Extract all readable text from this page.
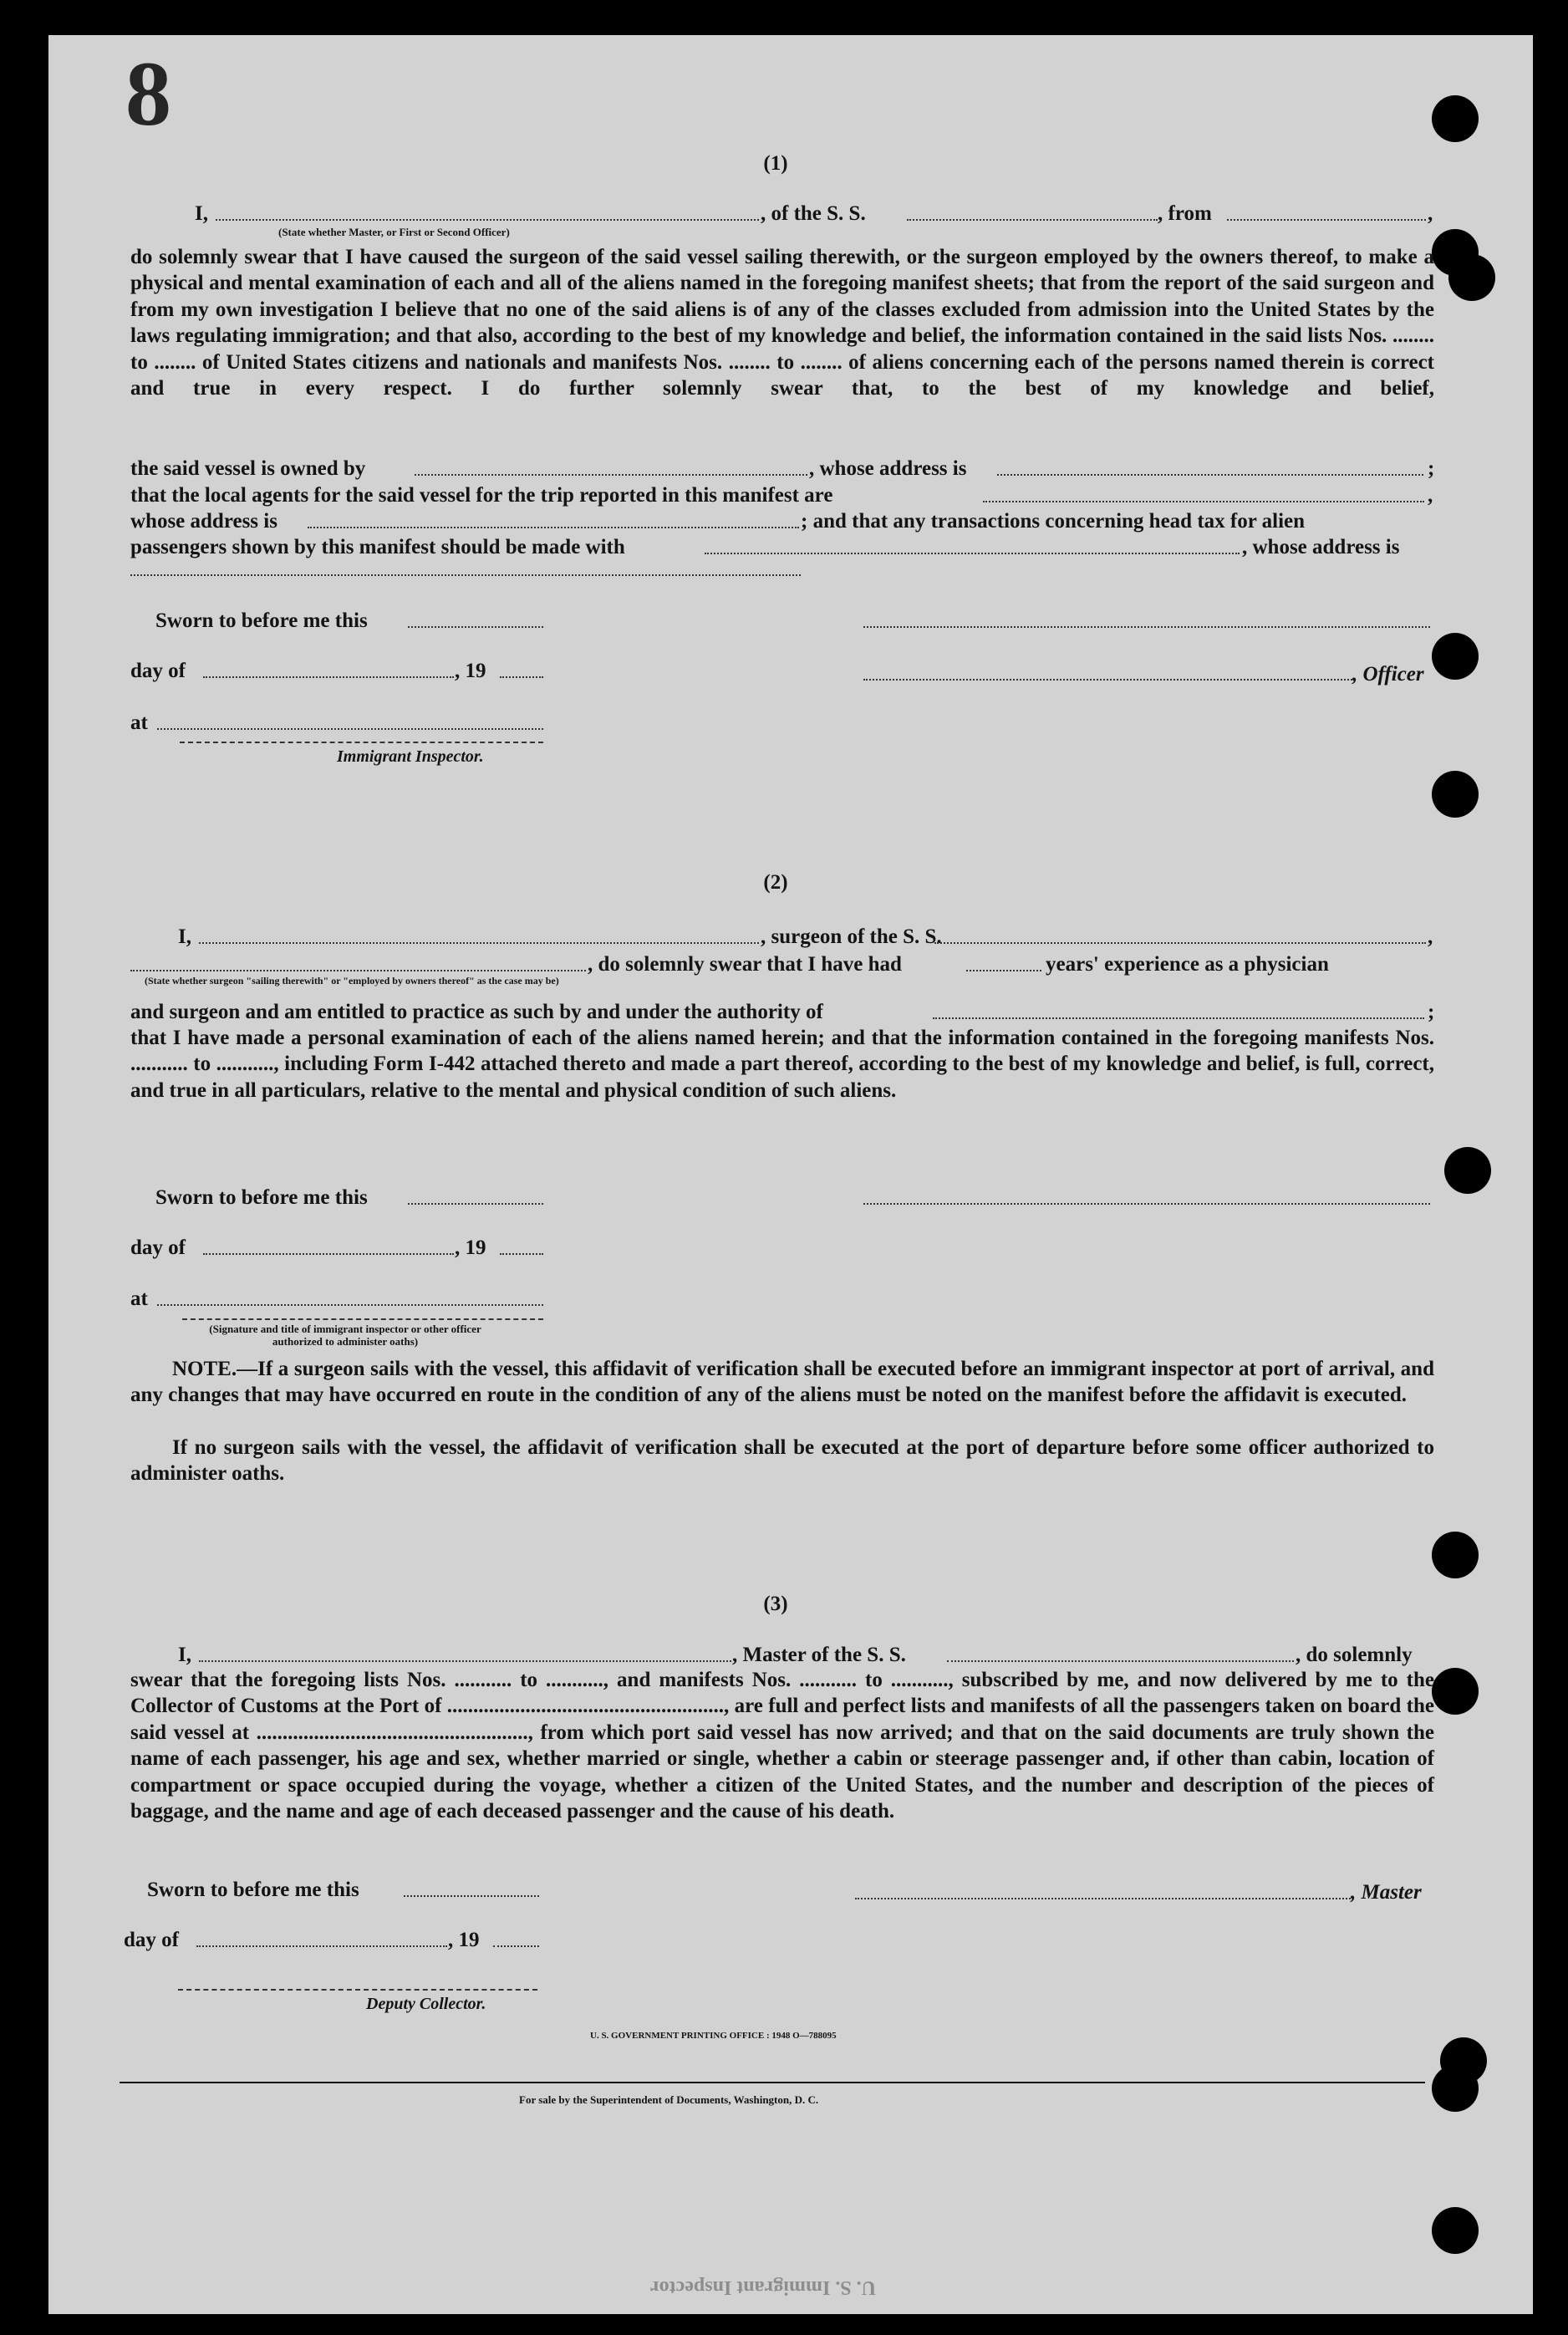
8
(1)
I,	, of the S. S.	, from	,
(State whether Master, or First or Second Officer)
do solemnly swear that I have caused the surgeon of the said vessel sailing therewith, or the surgeon employed by the owners thereof, to make a physical and mental examination of each and all of the aliens named in the foregoing manifest sheets; that from the report of the said surgeon and from my own investigation I believe that no one of the said aliens is of any of the classes excluded from admission into the United States by the laws regulating immigration; and that also, according to the best of my knowledge and belief, the information contained in the said lists Nos. ........ to ........ of United States citizens and nationals and manifests Nos. ........ to ........ of aliens concerning each of the persons named therein is correct and true in every respect. I do further solemnly swear that, to the best of my knowledge and belief,
the said vessel is owned by	, whose address is	;
that the local agents for the said vessel for the trip reported in this manifest are	,
whose address is	; and that any transactions concerning head tax for alien
passengers shown by this manifest should be made with	, whose address is
Sworn to before me this
day of	, 19	, Officer
at
Immigrant Inspector.
(2)
I,	, surgeon of the S. S.	,
, do solemnly swear that I have had	years' experience as a physician
(State whether surgeon "sailing therewith" or "employed by owners thereof" as the case may be)
and surgeon and am entitled to practice as such by and under the authority of	;
that I have made a personal examination of each of the aliens named herein; and that the information contained in the foregoing manifests Nos. ........... to ..........., including Form I-442 attached thereto and made a part thereof, according to the best of my knowledge and belief, is full, correct, and true in all particulars, relative to the mental and physical condition of such aliens.
Sworn to before me this
day of	, 19
at
(Signature and title of immigrant inspector or other officer authorized to administer oaths)
NOTE.—If a surgeon sails with the vessel, this affidavit of verification shall be executed before an immigrant inspector at port of arrival, and any changes that may have occurred en route in the condition of any of the aliens must be noted on the manifest before the affidavit is executed.
If no surgeon sails with the vessel, the affidavit of verification shall be executed at the port of departure before some officer authorized to administer oaths.
(3)
I,	, Master of the S. S.	, do solemnly
swear that the foregoing lists Nos. ........... to ..........., and manifests Nos. ........... to ..........., subscribed by me, and now delivered by me to the Collector of Customs at the Port of ....................................................., are full and perfect lists and manifests of all the passengers taken on board the said vessel at ...................................................., from which port said vessel has now arrived; and that on the said documents are truly shown the name of each passenger, his age and sex, whether married or single, whether a cabin or steerage passenger and, if other than cabin, location of compartment or space occupied during the voyage, whether a citizen of the United States, and the number and description of the pieces of baggage, and the name and age of each deceased passenger and the cause of his death.
Sworn to before me this	, Master
day of	, 19
Deputy Collector.
U. S. GOVERNMENT PRINTING OFFICE : 1948 O—788095
For sale by the Superintendent of Documents, Washington, D. C.
U. S. Immigrant Inspector
